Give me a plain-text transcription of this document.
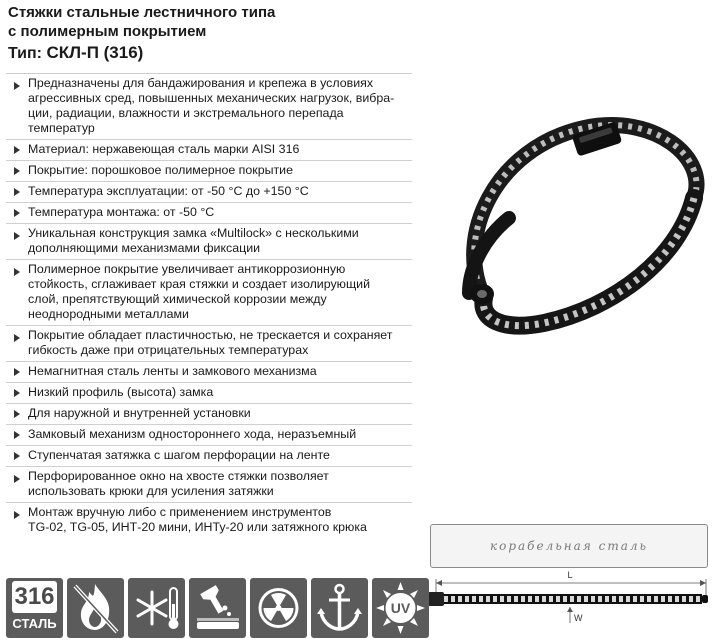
Стяжки стальные лестничного типа
с полимерным покрытием
Тип: СКЛ-П (316)
Предназначены для бандажирования и крепежа в условиях
агрессивных сред, повышенных механических нагрузок, вибра-
ции, радиации, влажности и экстремального перепада температур
Материал: нержавеющая сталь марки AISI 316
Покрытие: порошковое полимерное покрытие
Температура эксплуатации: от -50 °С до +150 °С
Температура монтажа: от -50 °С
Уникальная конструкция замка «Multilock» с несколькими
дополняющими механизмами фиксации
Полимерное покрытие увеличивает антикоррозионную
стойкость, сглаживает края стяжки и создает изолирующий
слой, препятствующий химической коррозии между
неоднородными металлами
Покрытие обладает пластичностью, не трескается и сохраняет
гибкость даже при отрицательных температурах
Немагнитная сталь ленты и замкового механизма
Низкий профиль (высота) замка
Для наружной и внутренней установки
Замковый механизм одностороннего хода, неразъемный
Ступенчатая затяжка с шагом перфорации на ленте
Перфорированное окно на хвосте стяжки позволяет
использовать крюки для усиления затяжки
Монтаж вручную либо с применением инструментов
TG-02, TG-05, ИНТ-20 мини, ИНТу-20 или затяжного крюка
корабельная сталь
L
W
316
СТАЛЬ
UV
